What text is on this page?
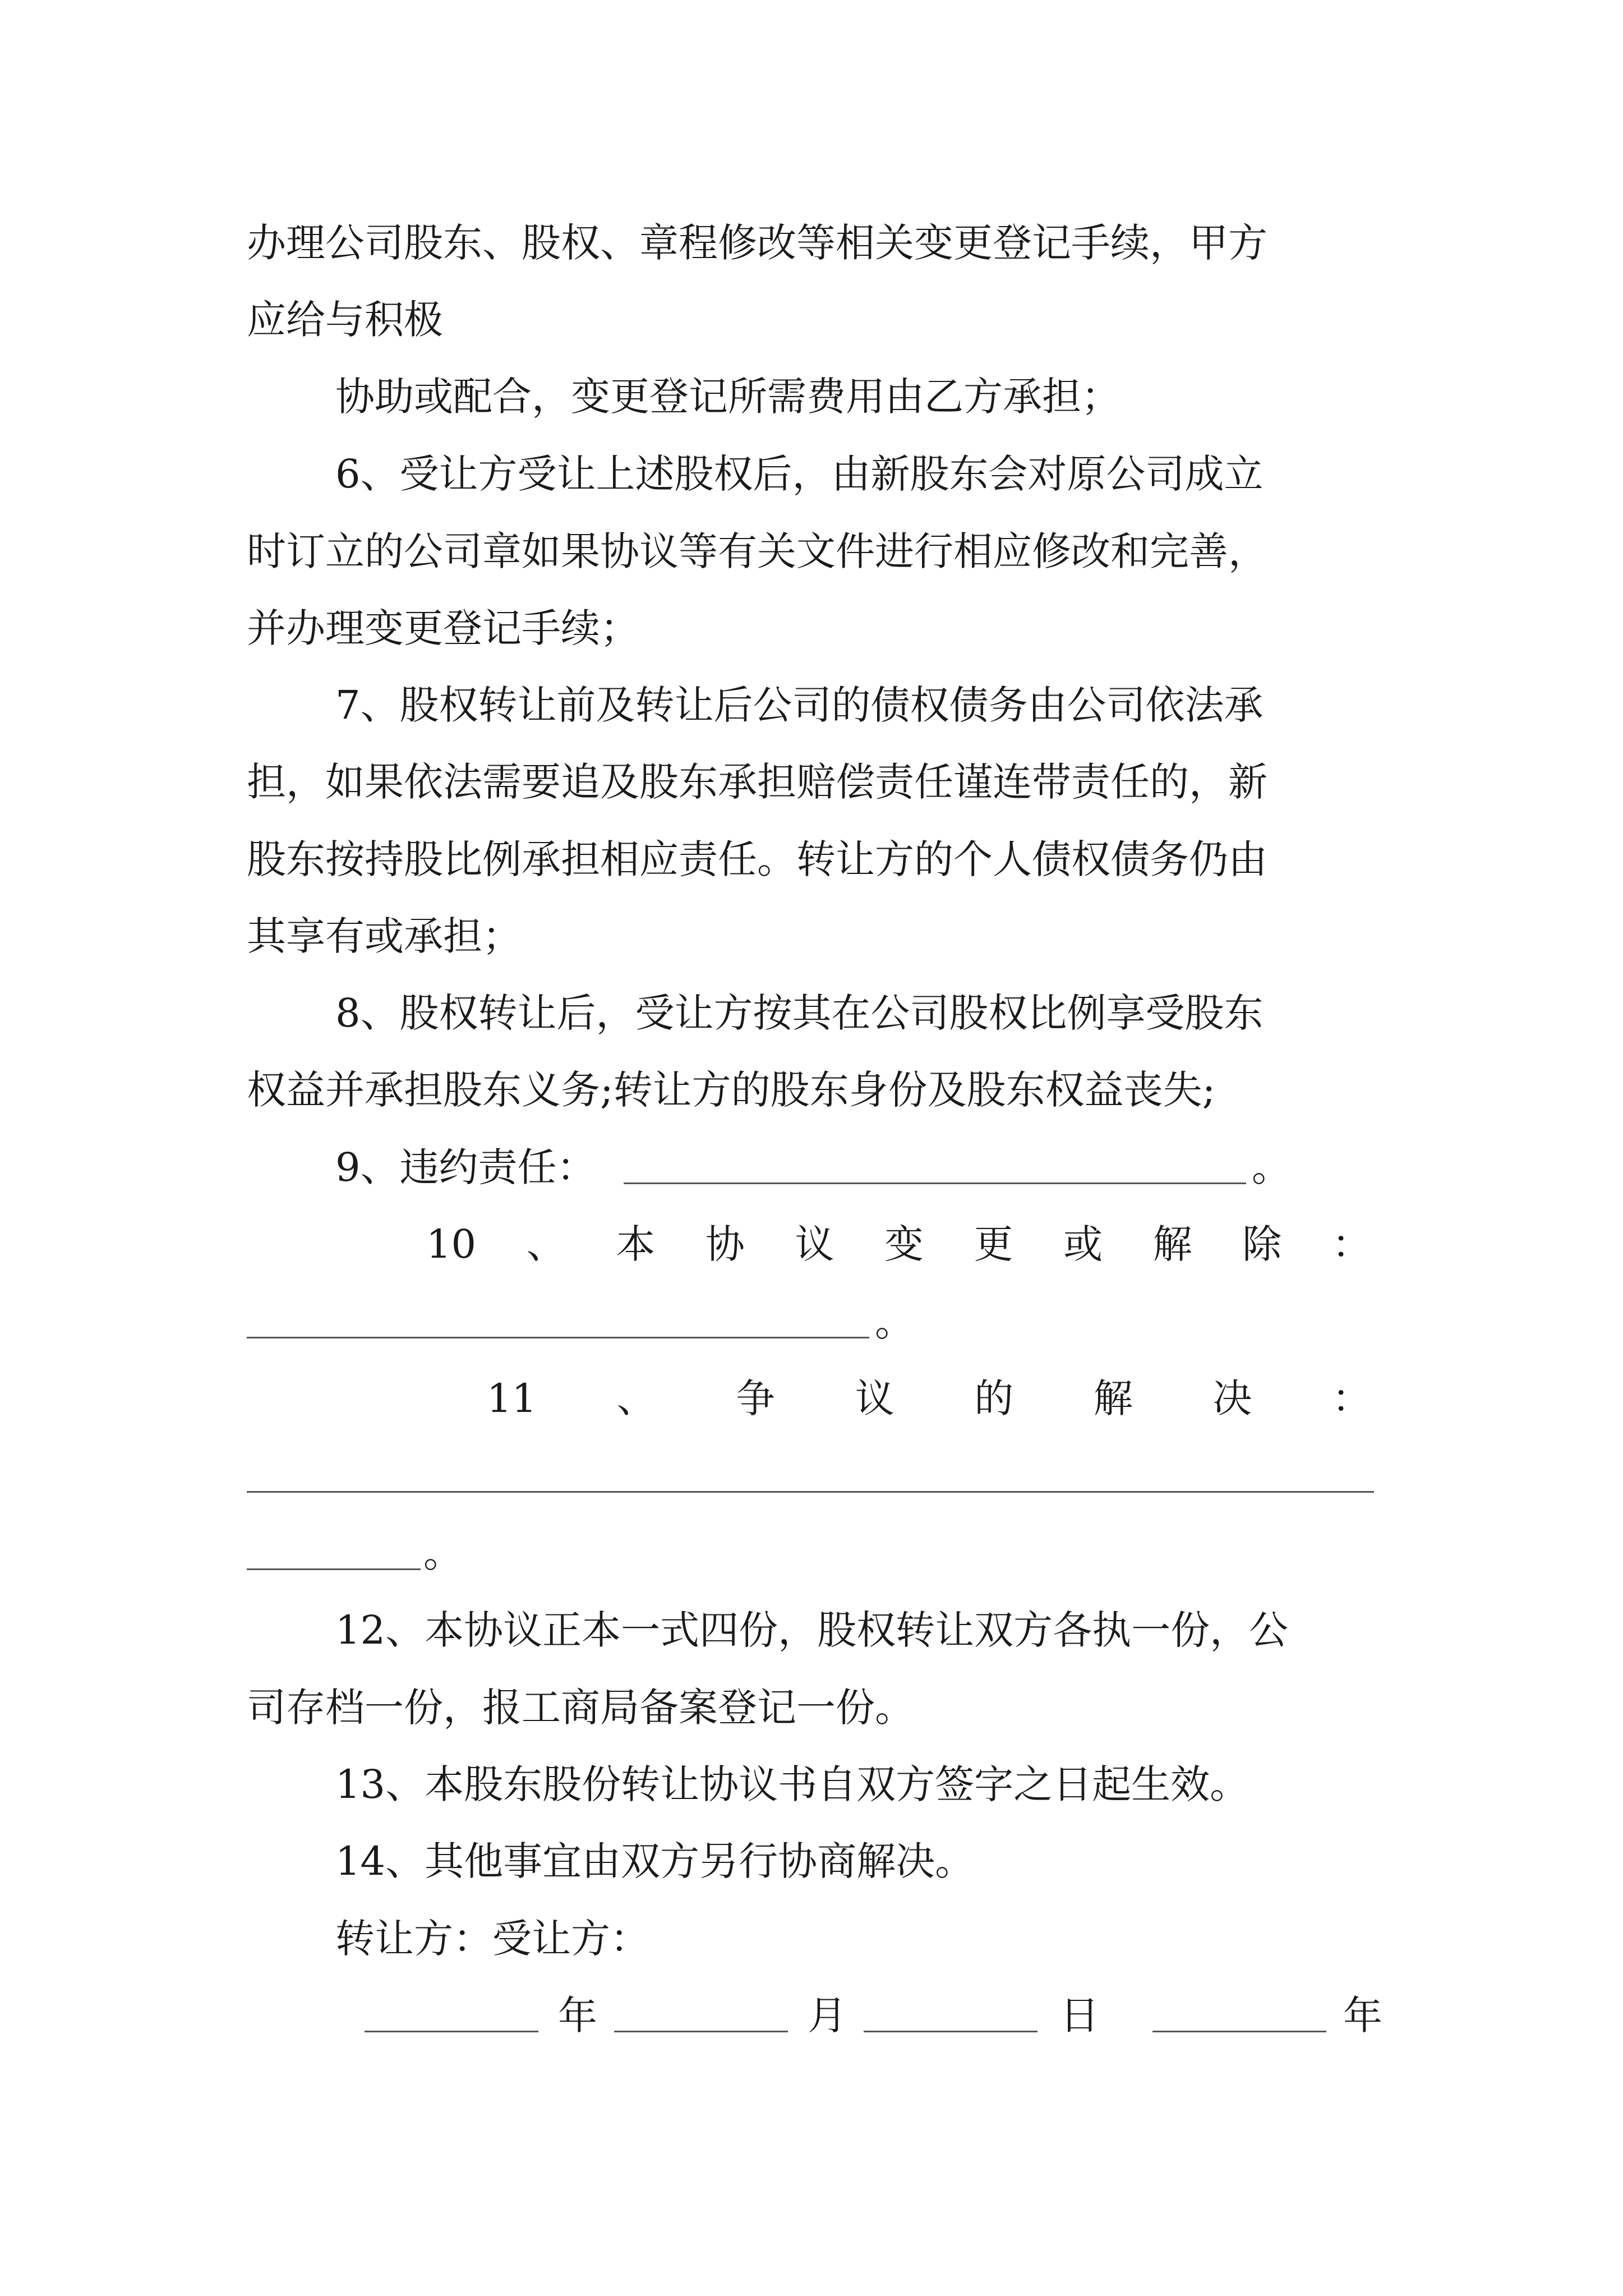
办理公司股东、股权、章程修改等相关变更登记手续，甲方
应给与积极
协助或配合，变更登记所需费用由乙方承担；
6、受让方受让上述股权后，由新股东会对原公司成立
时订立的公司章如果协议等有关文件进行相应修改和完善，
并办理变更登记手续；
7、股权转让前及转让后公司的债权债务由公司依法承
担，如果依法需要追及股东承担赔偿责任谨连带责任的，新
股东按持股比例承担相应责任。转让方的个人债权债务仍由
其享有或承担；
8、股权转让后，受让方按其在公司股权比例享受股东
权益并承担股东义务;转让方的股东身份及股东权益丧失;
9、违约责任：	。
10 、 本 协 议 变 更 或 解 除 ：
。
11 、 争 议 的 解 决 ：
。
12、本协议正本一式四份，股权转让双方各执一份，公
司存档一份，报工商局备案登记一份。
13、本股东股份转让协议书自双方签字之日起生效。
14、其他事宜由双方另行协商解决。
转让方：受让方：
年	月	日	年
